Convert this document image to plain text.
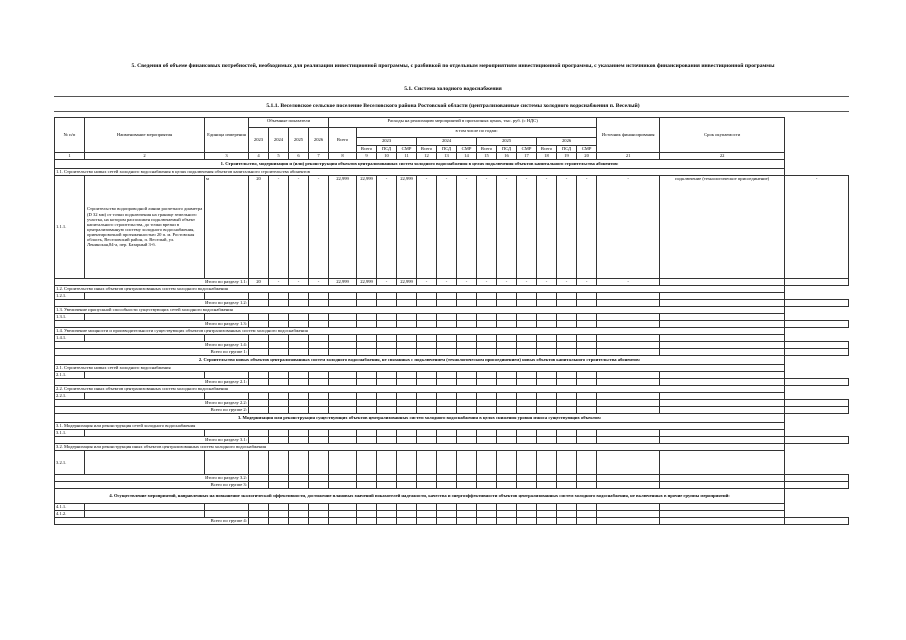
5. Сведения об объеме финансовых потребностей, необходимых для реализации инвестиционной программы, с разбивкой по отдельным мероприятиям инвестиционной программы, с указанием источников финансирования инвестиционной программы
5.1. Система холодного водоснабжения
5.1.1. Веселовское сельское поселение Веселовского района Ростовской области (централизованные системы холодного водоснабжения п. Веселый)
№ п/п	Наименование мероприятия	Единица измерения	Объемные показатели				Расходы на реализацию мероприятий в прогнозных ценах, тыс. руб. (с НДС)													Источник финансирования	Срок окупаемости	
			2023	2024	2025	2026	Всего	в том числе по годам:														
								2023			2024			2025			2026					
								Всего	ПСД	СМР	Всего	ПСД	СМР	Всего	ПСД	СМР	Всего	ПСД	СМР			
1	2	3	4	5	6	7	8	9	10	11	12	13	14	15	16	17	18	19	20	21	22	
1. Строительство, модернизация и (или) реконструкция объектов централизованных систем холодного водоснабжения в целях подключения объектов капитального строительства абонентов:																						
1.1. Строительство новых сетей холодного водоснабжения в целях подключения объектов капитального строительства абонентов																						
1.1.1.	Строительство водопроводной линии расчетного диаметра (D 32 мм) от точки подключения на границе земельного участка, на котором расположен подключаемый объект капитального строительства, до точки врезки в централизованную систему холодного водоснабжения, ориентировочной протяженностью 20 п. м. Ростовская область, Веселовский район, п. Веселый, ул. Ленинская,84-а, пер. Базарный 3-б.	м	20	-	-	-	22,999	22,999	-	22,999	-	-	-	-	-	-	-	-	-	-	подключение (технологическое присоединение)	-
Итого по разделу 1.1:			20	-	-	-	22,999	22,999	-	22,999	-	-	-	-	-	-	-	-	-	-		
1.2. Строительство иных объектов централизованных систем холодного водоснабжения																						
1.2.1.																						
Итого по разделу 1.2:																						
1.3. Увеличение пропускной способности существующих сетей холодного водоснабжения																						
1.3.1.																						
Итого по разделу 1.3:																						
1.4. Увеличение мощности и производительности существующих объектов централизованных систем холодного водоснабжения																						
1.4.1.																						
Итого по разделу 1.4:																						
Всего по группе 1:																						
2. Строительство новых объектов централизованных систем холодного водоснабжения, не связанных с подключением (технологическим присоединением) новых объектов капитального строительства абонентов:																						
2.1. Строительство новых сетей холодного водоснабжения																						
2.1.1.																						
Итого по разделу 2.1:																						
2.2. Строительство иных объектов централизованных систем холодного водоснабжения																						
2.2.1.																						
Итого по разделу 2.2:																						
Всего по группе 2:																						
3. Модернизация или реконструкция существующих объектов централизованных систем холодного водоснабжения в целях снижения уровня износа существующих объектов:																						
3.1. Модернизация или реконструкция сетей холодного водоснабжения																						
3.1.1.																						
Итого по разделу 3.1:																						
3.2. Модернизация или реконструкция иных объектов централизованных систем холодного водоснабжения																						
3.2.1.																						
Итого по разделу 3.2:																						
Всего по группе 3:																						
4. Осуществление мероприятий, направленных на повышение экологической эффективности, достижение плановых значений показателей надежности, качества и энергоэффективности объектов централизованных систем холодного водоснабжения, не включенных в прочие группы мероприятий:																						
4.1.1.																						
4.1.2.																						
Всего по группе 4:																						
